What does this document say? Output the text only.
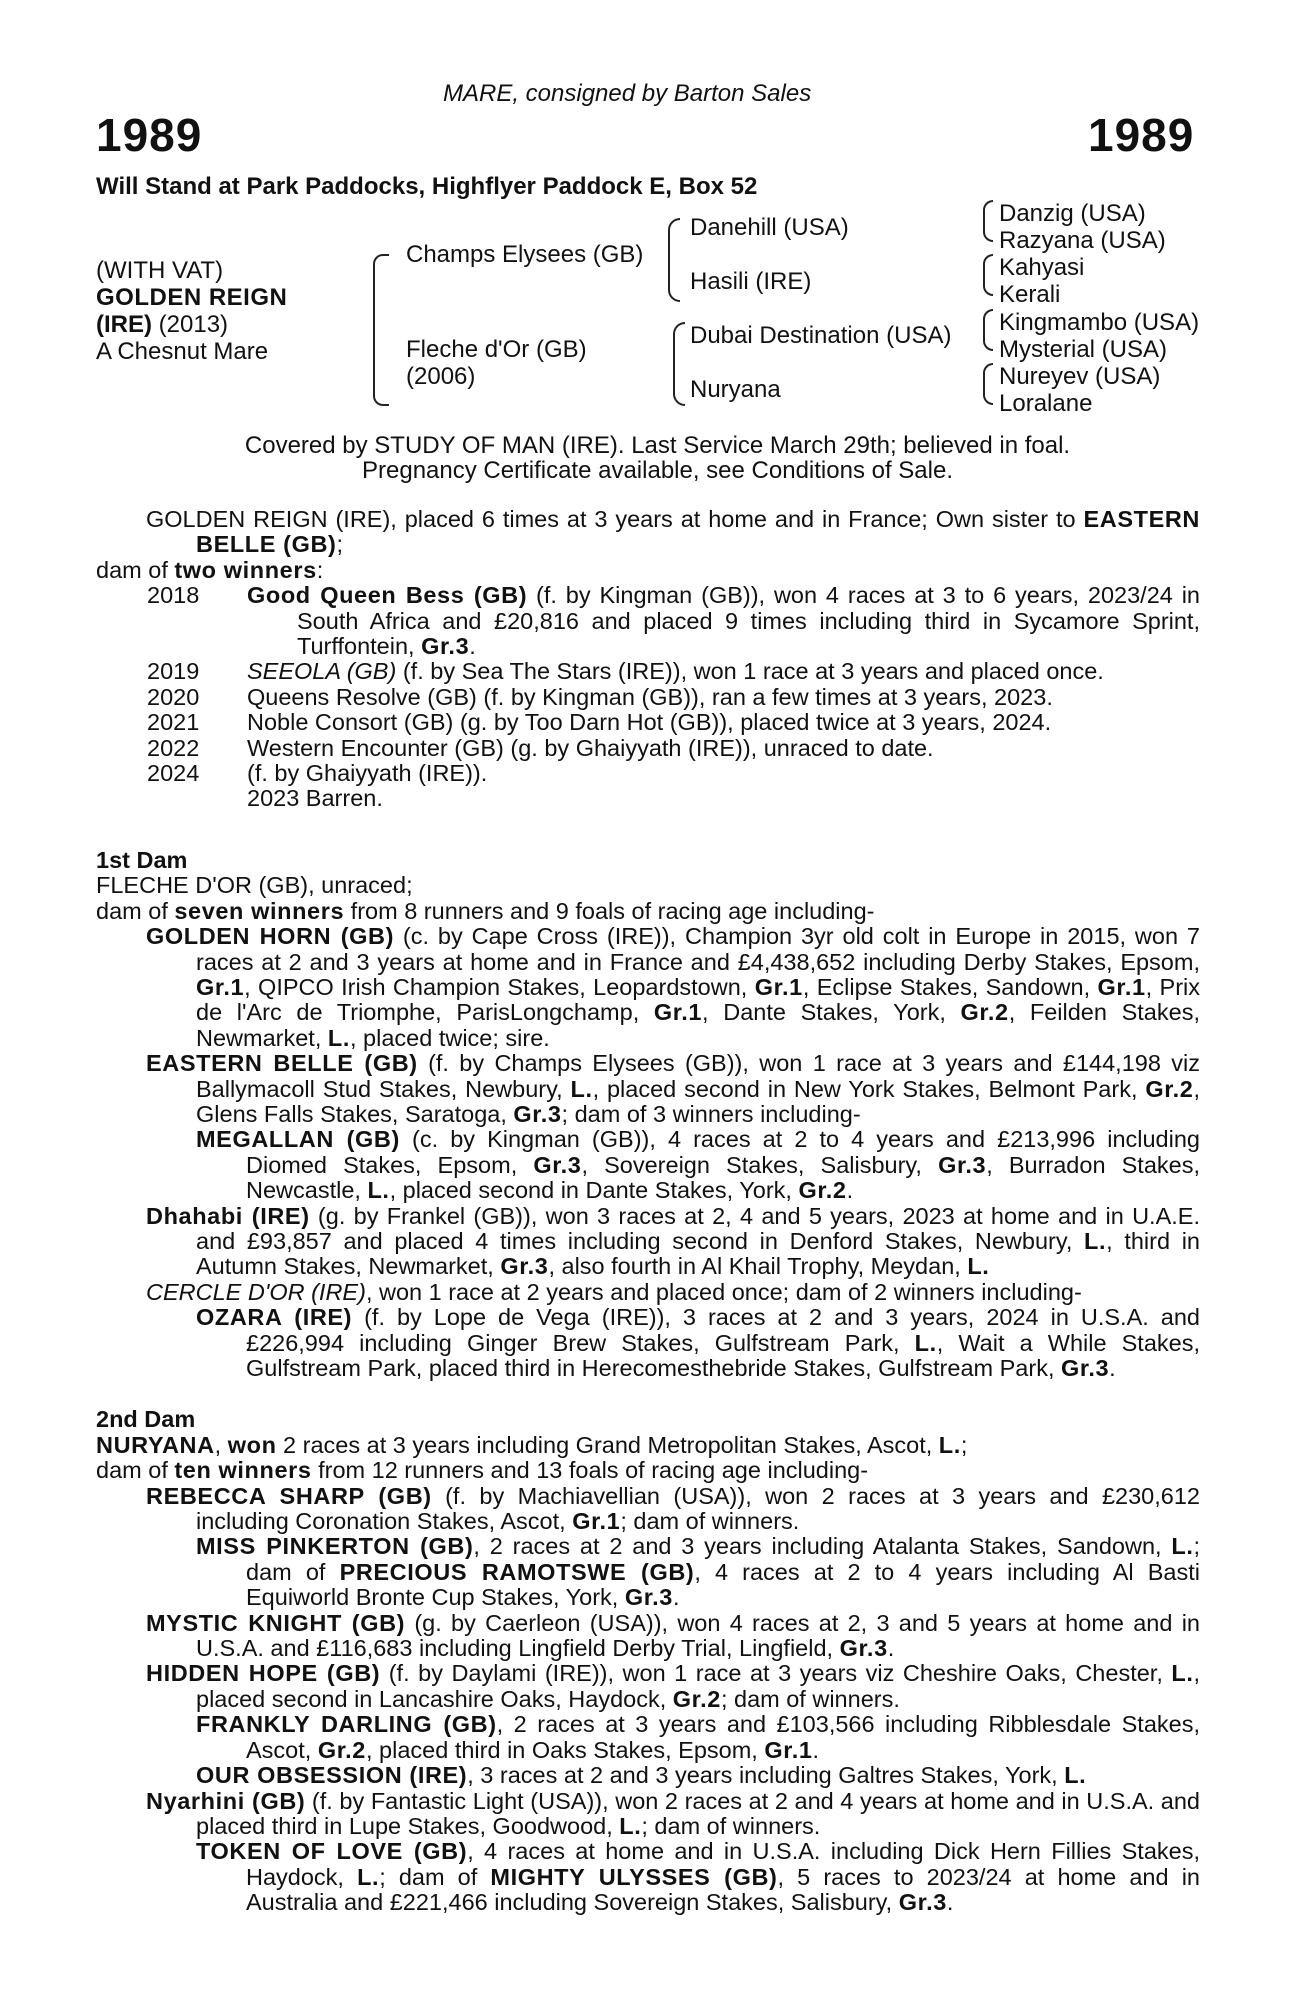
MARE, consigned by Barton Sales
1989	1989
Will Stand at Park Paddocks, Highflyer Paddock E, Box 52
(WITH VAT)
GOLDEN REIGN
(IRE) (2013)
A Chesnut Mare
Champs Elysees (GB)
Fleche d'Or (GB)
(2006)
Danehill (USA)
Hasili (IRE)
Dubai Destination (USA)
Nuryana
Danzig (USA)
Razyana (USA)
Kahyasi
Kerali
Kingmambo (USA)
Mysterial (USA)
Nureyev (USA)
Loralane
Covered by STUDY OF MAN (IRE). Last Service March 29th; believed in foal.
Pregnancy Certificate available, see Conditions of Sale.

GOLDEN REIGN (IRE), placed 6 times at 3 years at home and in France; Own sister to EASTERN BELLE (GB);

dam of two winners:

2018	Good Queen Bess (GB) (f. by Kingman (GB)), won 4 races at 3 to 6 years, 2023/24 in South Africa and £20,816 and placed 9 times including third in Sycamore Sprint, Turffontein, Gr.3.
2019	SEEOLA (GB) (f. by Sea The Stars (IRE)), won 1 race at 3 years and placed once.
2020	Queens Resolve (GB) (f. by Kingman (GB)), ran a few times at 3 years, 2023.
2021	Noble Consort (GB) (g. by Too Darn Hot (GB)), placed twice at 3 years, 2024.
2022	Western Encounter (GB) (g. by Ghaiyyath (IRE)), unraced to date.
2024	(f. by Ghaiyyath (IRE)).
2023 Barren.

1st Dam

FLECHE D'OR (GB), unraced;

dam of seven winners from 8 runners and 9 foals of racing age including-

GOLDEN HORN (GB) (c. by Cape Cross (IRE)), Champion 3yr old colt in Europe in 2015, won 7 races at 2 and 3 years at home and in France and £4,438,652 including Derby Stakes, Epsom, Gr.1, QIPCO Irish Champion Stakes, Leopardstown, Gr.1, Eclipse Stakes, Sandown, Gr.1, Prix de l'Arc de Triomphe, ParisLongchamp, Gr.1, Dante Stakes, York, Gr.2, Feilden Stakes, Newmarket, L., placed twice; sire.

EASTERN BELLE (GB) (f. by Champs Elysees (GB)), won 1 race at 3 years and £144,198 viz Ballymacoll Stud Stakes, Newbury, L., placed second in New York Stakes, Belmont Park, Gr.2, Glens Falls Stakes, Saratoga, Gr.3; dam of 3 winners including-

MEGALLAN (GB) (c. by Kingman (GB)), 4 races at 2 to 4 years and £213,996 including Diomed Stakes, Epsom, Gr.3, Sovereign Stakes, Salisbury, Gr.3, Burradon Stakes, Newcastle, L., placed second in Dante Stakes, York, Gr.2.

Dhahabi (IRE) (g. by Frankel (GB)), won 3 races at 2, 4 and 5 years, 2023 at home and in U.A.E. and £93,857 and placed 4 times including second in Denford Stakes, Newbury, L., third in Autumn Stakes, Newmarket, Gr.3, also fourth in Al Khail Trophy, Meydan, L.

CERCLE D'OR (IRE), won 1 race at 2 years and placed once; dam of 2 winners including-

OZARA (IRE) (f. by Lope de Vega (IRE)), 3 races at 2 and 3 years, 2024 in U.S.A. and £226,994 including Ginger Brew Stakes, Gulfstream Park, L., Wait a While Stakes, Gulfstream Park, placed third in Herecomesthebride Stakes, Gulfstream Park, Gr.3.

2nd Dam

NURYANA, won 2 races at 3 years including Grand Metropolitan Stakes, Ascot, L.;

dam of ten winners from 12 runners and 13 foals of racing age including-

REBECCA SHARP (GB) (f. by Machiavellian (USA)), won 2 races at 3 years and £230,612 including Coronation Stakes, Ascot, Gr.1; dam of winners.

MISS PINKERTON (GB), 2 races at 2 and 3 years including Atalanta Stakes, Sandown, L.; dam of PRECIOUS RAMOTSWE (GB), 4 races at 2 to 4 years including Al Basti Equiworld Bronte Cup Stakes, York, Gr.3.

MYSTIC KNIGHT (GB) (g. by Caerleon (USA)), won 4 races at 2, 3 and 5 years at home and in U.S.A. and £116,683 including Lingfield Derby Trial, Lingfield, Gr.3.

HIDDEN HOPE (GB) (f. by Daylami (IRE)), won 1 race at 3 years viz Cheshire Oaks, Chester, L., placed second in Lancashire Oaks, Haydock, Gr.2; dam of winners.

FRANKLY DARLING (GB), 2 races at 3 years and £103,566 including Ribblesdale Stakes, Ascot, Gr.2, placed third in Oaks Stakes, Epsom, Gr.1.

OUR OBSESSION (IRE), 3 races at 2 and 3 years including Galtres Stakes, York, L.

Nyarhini (GB) (f. by Fantastic Light (USA)), won 2 races at 2 and 4 years at home and in U.S.A. and placed third in Lupe Stakes, Goodwood, L.; dam of winners.

TOKEN OF LOVE (GB), 4 races at home and in U.S.A. including Dick Hern Fillies Stakes, Haydock, L.; dam of MIGHTY ULYSSES (GB), 5 races to 2023/24 at home and in Australia and £221,466 including Sovereign Stakes, Salisbury, Gr.3.
